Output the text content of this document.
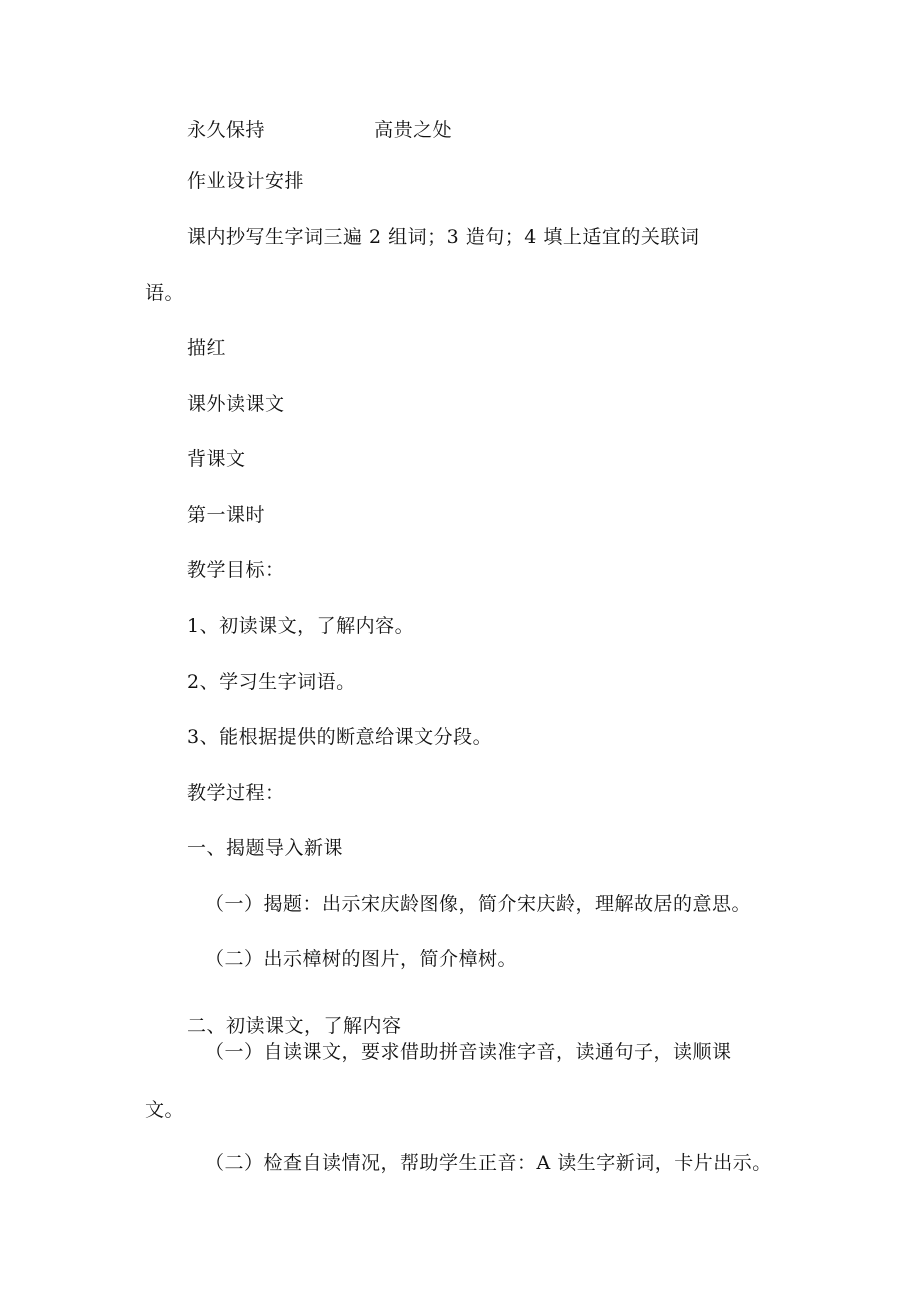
永久保持	高贵之处
作业设计安排
课内抄写生字词三遍 2 组词；3 造句；4 填上适宜的关联词
语。
描红
课外读课文
背课文
第一课时
教学目标：
1、初读课文，了解内容。
2、学习生字词语。
3、能根据提供的断意给课文分段。
教学过程：
一、揭题导入新课
（一）揭题：出示宋庆龄图像，简介宋庆龄，理解故居的意思。
（二）出示樟树的图片，简介樟树。
二、初读课文，了解内容
（一）自读课文，要求借助拼音读准字音，读通句子，读顺课
文。
（二）检查自读情况，帮助学生正音：A 读生字新词，卡片出示。
